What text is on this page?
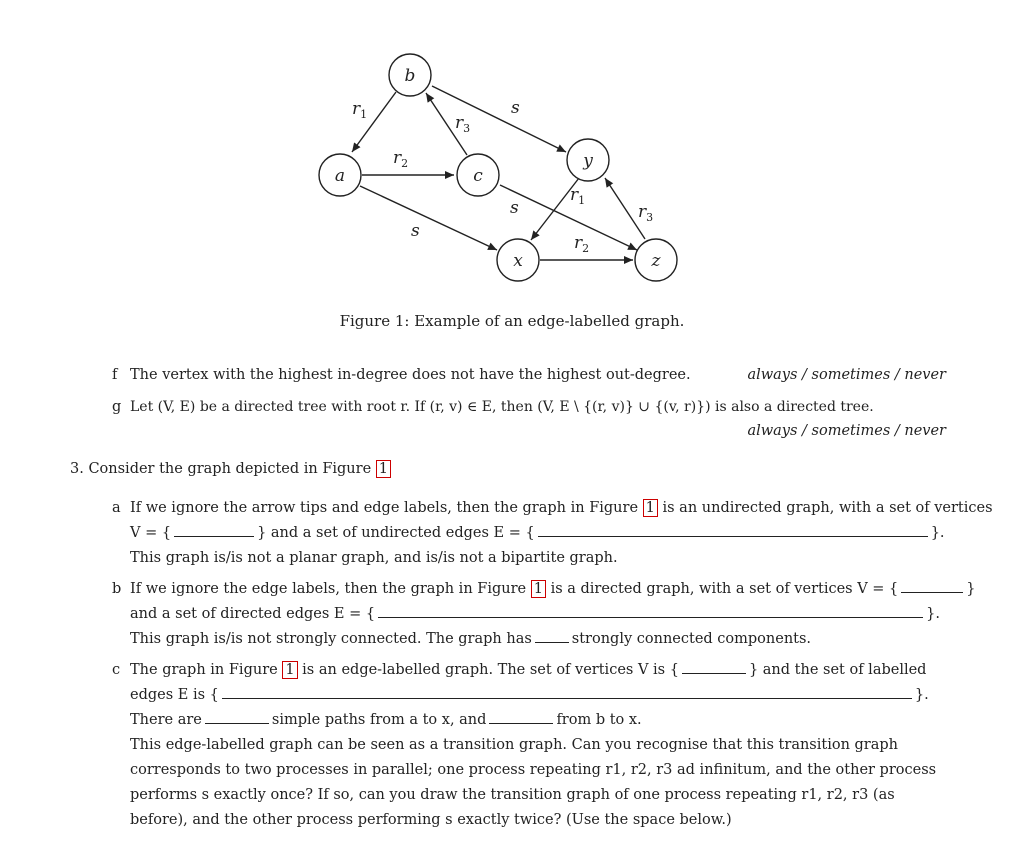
$r_1$
$r_2$
$r_3$
s
s
s
$r_1$
$r_2$
$r_3$
b
a	c
y
x	z
Figure 1: Example of an edge-labelled graph.
f The vertex with the highest in-degree does not have the highest out-degree.	always / sometimes / never
g Let (V, E) be a directed tree with root r. If (r, v) ∈ E, then (V, E \ {(r, v)} ∪ {(v, r)}) is also a directed tree.
always / sometimes / never
3. Consider the graph depicted in Figure 1
a If we ignore the arrow tips and edge labels, then the graph in Figure 1 is an undirected graph, with a set of vertices
V = {	} and a set of undirected edges E = {	}.
This graph is/is not a planar graph, and is/is not a bipartite graph.
b If we ignore the edge labels, then the graph in Figure 1 is a directed graph, with a set of vertices V = {	}
and a set of directed edges E = {	}.
This graph is/is not strongly connected. The graph has	strongly connected components.
c The graph in Figure 1 is an edge-labelled graph. The set of vertices V is {	} and the set of labelled
edges E is {	}.
There are	simple paths from a to x, and	from b to x.
This edge-labelled graph can be seen as a transition graph. Can you recognise that this transition graph corresponds to two processes in parallel; one process repeating r1, r2, r3 ad infinitum, and the other process performs s exactly once? If so, can you draw the transition graph of one process repeating r1, r2, r3 (as before), and the other process performing s exactly twice? (Use the space below.)
